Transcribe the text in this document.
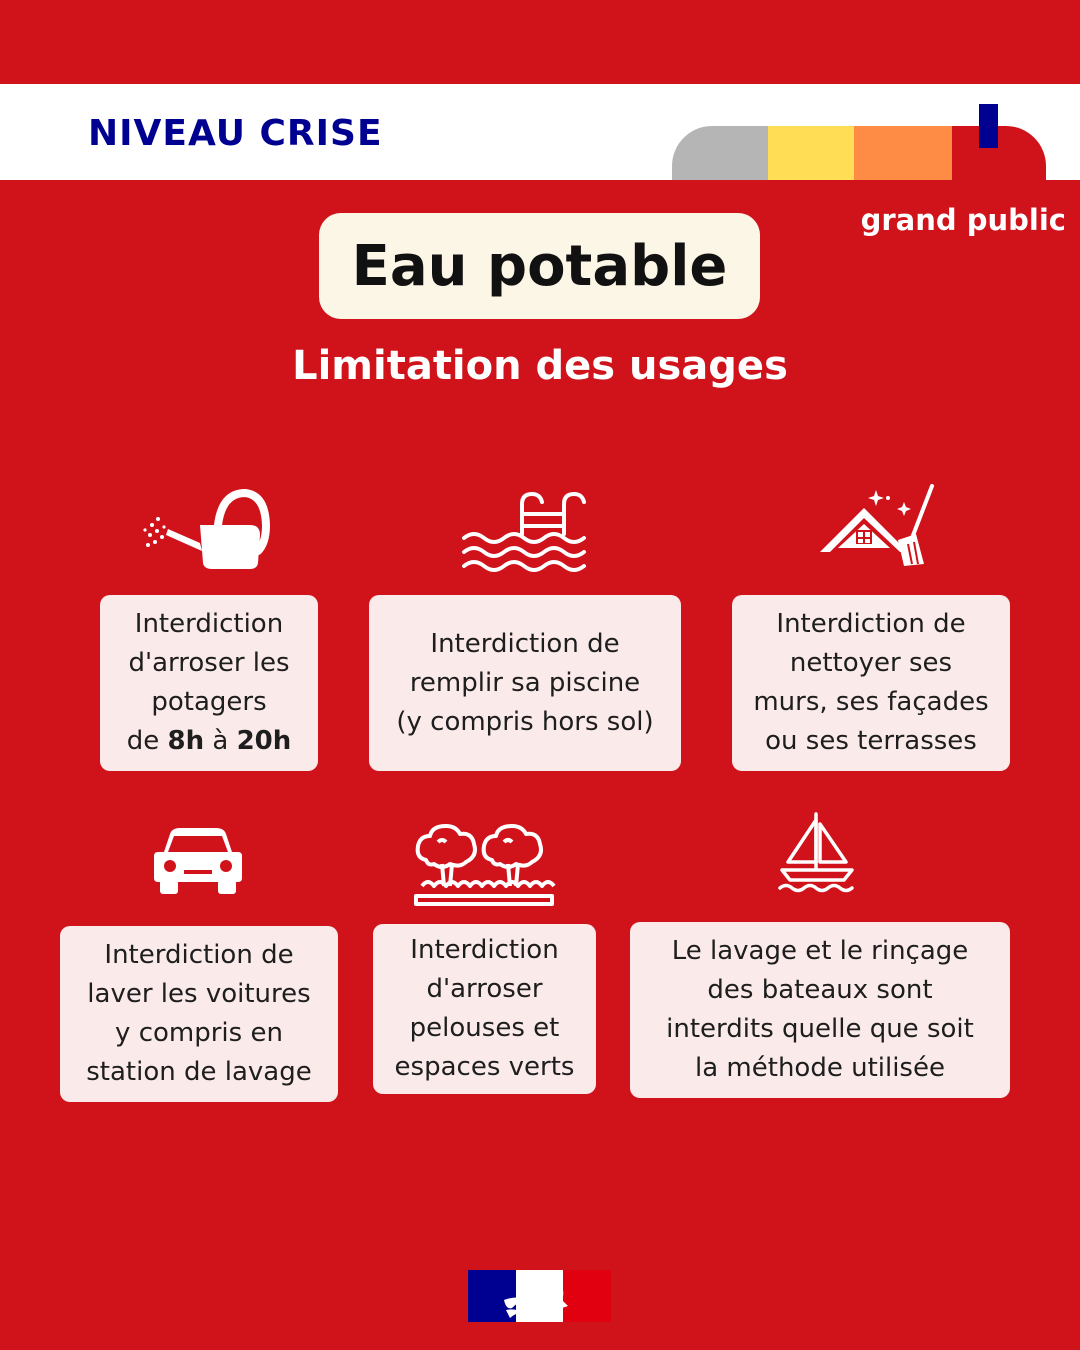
NIVEAU CRISE
grand public
Eau potable
Limitation des usages
Interdiction
d'arroser les
potagers
de 8h à 20h
Interdiction de
remplir sa piscine
(y compris hors sol)
Interdiction de
nettoyer ses
murs, ses façades
ou ses terrasses
Interdiction de
laver les voitures
y compris en
station de lavage
Interdiction
d'arroser
pelouses et
espaces verts
Le lavage et le rinçage
des bateaux sont
interdits quelle que soit
la méthode utilisée
